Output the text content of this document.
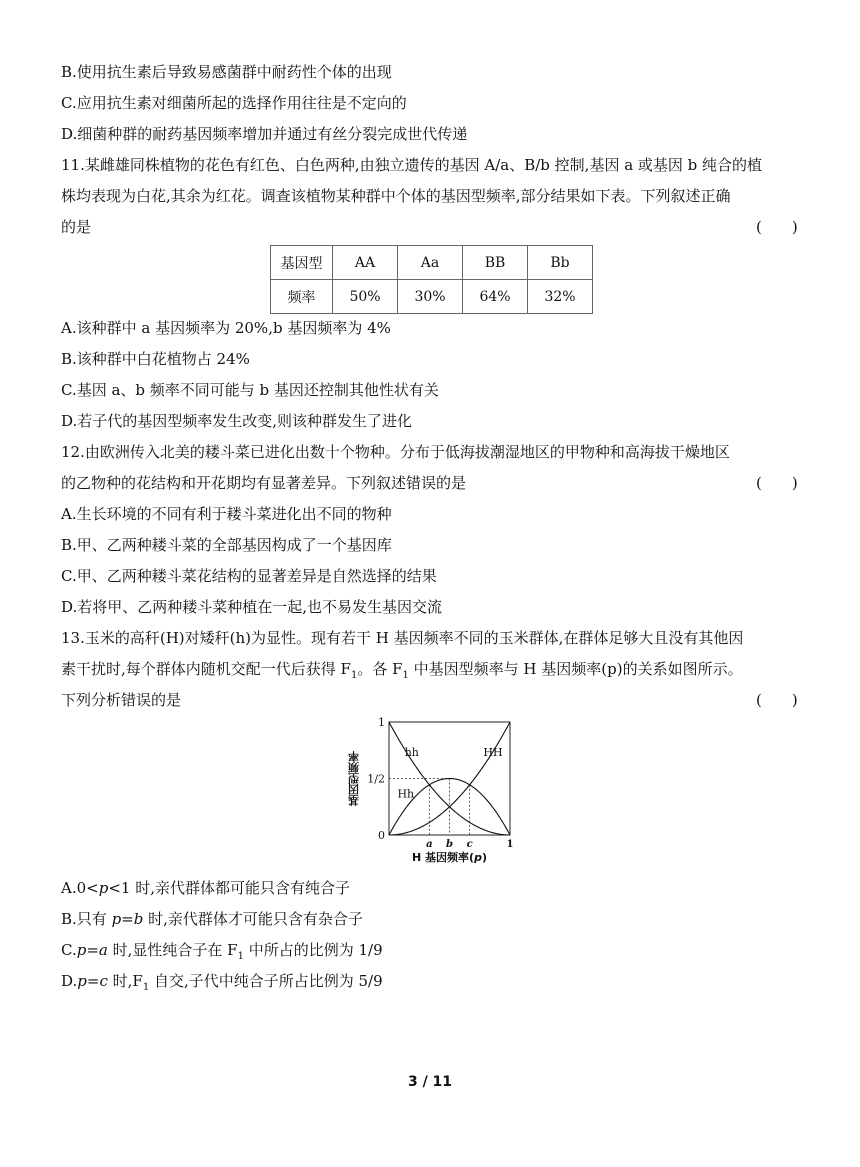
B.使用抗生素后导致易感菌群中耐药性个体的出现
C.应用抗生素对细菌所起的选择作用往往是不定向的
D.细菌种群的耐药基因频率增加并通过有丝分裂完成世代传递
11.某雌雄同株植物的花色有红色、白色两种,由独立遗传的基因 A/a、B/b 控制,基因 a 或基因 b 纯合的植
株均表现为白花,其余为红花。调查该植物某种群中个体的基因型频率,部分结果如下表。下列叙述正确
的是	(　　)
基因型	AA	Aa	BB	Bb
频率	50%	30%	64%	32%
A.该种群中 a 基因频率为 20%,b 基因频率为 4%
B.该种群中白花植物占 24%
C.基因 a、b 频率不同可能与 b 基因还控制其他性状有关
D.若子代的基因型频率发生改变,则该种群发生了进化
12.由欧洲传入北美的耧斗菜已进化出数十个物种。分布于低海拔潮湿地区的甲物种和高海拔干燥地区
的乙物种的花结构和开花期均有显著差异。下列叙述错误的是	(　　)
A.生长环境的不同有利于耧斗菜进化出不同的物种
B.甲、乙两种耧斗菜的全部基因构成了一个基因库
C.甲、乙两种耧斗菜花结构的显著差异是自然选择的结果
D.若将甲、乙两种耧斗菜种植在一起,也不易发生基因交流
13.玉米的高秆(H)对矮秆(h)为显性。现有若干 H 基因频率不同的玉米群体,在群体足够大且没有其他因
素干扰时,每个群体内随机交配一代后获得 $F_1$。各 $F_1$ 中基因型频率与 H 基因频率(p)的关系如图所示。
下列分析错误的是	(　　)
hh	HH
Hh
0
1/2
1
a b c	1
H 基因频率(p)
基因型频率
A.0<p<1 时,亲代群体都可能只含有纯合子
B.只有 p=b 时,亲代群体才可能只含有杂合子
C.p=a 时,显性纯合子在 $F_1$ 中所占的比例为 1/9
D.p=c 时$,F_1$ 自交,子代中纯合子所占比例为 5/9
3 / 11
